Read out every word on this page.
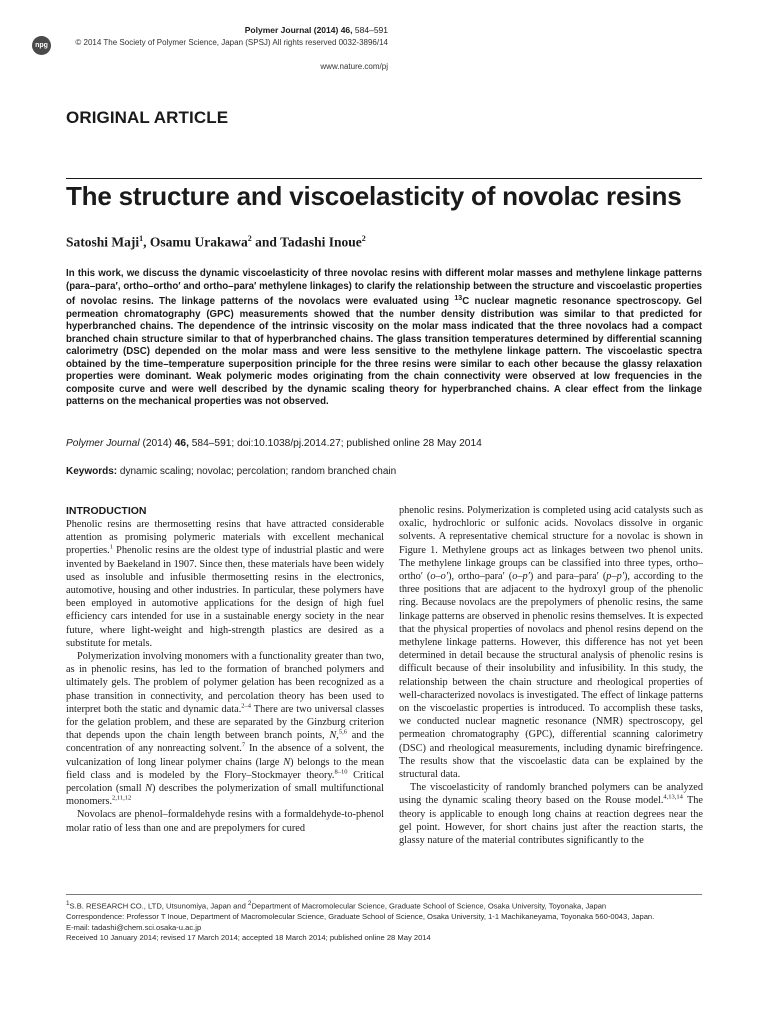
npg
Polymer Journal (2014) 46, 584–591
© 2014 The Society of Polymer Science, Japan (SPSJ) All rights reserved 0032-3896/14
www.nature.com/pj
ORIGINAL ARTICLE
The structure and viscoelasticity of novolac resins
Satoshi Maji$^1$, Osamu Urakawa$^2$ and Tadashi Inoue$^2$
In this work, we discuss the dynamic viscoelasticity of three novolac resins with different molar masses and methylene linkage patterns (para–para′, ortho–ortho′ and ortho–para′ methylene linkages) to clarify the relationship between the structure and viscoelastic properties of novolac resins. The linkage patterns of the novolacs were evaluated using $^{13}$C nuclear magnetic resonance spectroscopy. Gel permeation chromatography (GPC) measurements showed that the number density distribution was similar to that predicted for hyperbranched chains. The dependence of the intrinsic viscosity on the molar mass indicated that the three novolacs had a compact branched chain structure similar to that of hyperbranched chains. The glass transition temperatures determined by differential scanning calorimetry (DSC) depended on the molar mass and were less sensitive to the methylene linkage pattern. The viscoelastic spectra obtained by the time–temperature superposition principle for the three resins were similar to each other because the glassy relaxation properties were dominant. Weak polymeric modes originating from the chain connectivity were observed at low frequencies in the composite curve and were well described by the dynamic scaling theory for hyperbranched chains. A clear effect from the linkage patterns on the mechanical properties was not observed.
Polymer Journal (2014) 46, 584–591; doi:10.1038/pj.2014.27; published online 28 May 2014
Keywords: dynamic scaling; novolac; percolation; random branched chain
INTRODUCTION

Phenolic resins are thermosetting resins that have attracted considerable attention as promising polymeric materials with excellent mechanical properties.$^1$ Phenolic resins are the oldest type of industrial plastic and were invented by Baekeland in 1907. Since then, these materials have been widely used as insoluble and infusible thermosetting resins in the electronics, automotive, housing and other industries. In particular, these polymers have been employed in automotive applications for the design of high fuel efficiency cars intended for use in a sustainable energy society in the near future, where light-weight and high-strength plastics are desired as a substitute for metals.

Polymerization involving monomers with a functionality greater than two, as in phenolic resins, has led to the formation of branched polymers and ultimately gels. The problem of polymer gelation has been recognized as a phase transition in connectivity, and percolation theory has been used to interpret both the static and dynamic data.$^{2-4}$ There are two universal classes for the gelation problem, and these are separated by the Ginzburg criterion that depends upon the chain length between branch points, N,$^{5,6}$ and the concentration of any nonreacting solvent.$^7$ In the absence of a solvent, the vulcanization of long linear polymer chains (large N) belongs to the mean field class and is modeled by the Flory–Stockmayer theory.$^{8-10}$ Critical percolation (small N) describes the polymerization of small multifunctional monomers.$^{2,11,12}$

Novolacs are phenol–formaldehyde resins with a formaldehyde-to-phenol molar ratio of less than one and are prepolymers for cured

phenolic resins. Polymerization is completed using acid catalysts such as oxalic, hydrochloric or sulfonic acids. Novolacs dissolve in organic solvents. A representative chemical structure for a novolac is shown in Figure 1. Methylene groups act as linkages between two phenol units. The methylene linkage groups can be classified into three types, ortho–ortho′ (o–o′), ortho–para′ (o–p′) and para–para′ (p–p′), according to the three positions that are adjacent to the hydroxyl group of the phenolic ring. Because novolacs are the prepolymers of phenolic resins, the same linkage patterns are observed in phenolic resins themselves. It is expected that the physical properties of novolacs and phenol resins depend on the methylene linkage patterns. However, this difference has not yet been determined in detail because the structural analysis of phenolic resins is difficult because of their insolubility and infusibility. In this study, the relationship between the chain structure and rheological properties of well-characterized novolacs is investigated. The effect of linkage patterns on the viscoelastic properties is introduced. To accomplish these tasks, we conducted nuclear magnetic resonance (NMR) spectroscopy, gel permeation chromatography (GPC), differential scanning calorimetry (DSC) and rheological measurements, including dynamic birefringence. The results show that the viscoelastic data can be explained by the structural data.

The viscoelasticity of randomly branched polymers can be analyzed using the dynamic scaling theory based on the Rouse model.$^{4,13,14}$ The theory is applicable to enough long chains at reaction degrees near the gel point. However, for short chains just after the reaction starts, the glassy nature of the material contributes significantly to the

$^1$S.B. RESEARCH CO., LTD, Utsunomiya, Japan and $^2$Department of Macromolecular Science, Graduate School of Science, Osaka University, Toyonaka, Japan
Correspondence: Professor T Inoue, Department of Macromolecular Science, Graduate School of Science, Osaka University, 1-1 Machikaneyama, Toyonaka 560-0043, Japan.
E-mail: tadashi@chem.sci.osaka-u.ac.jp
Received 10 January 2014; revised 17 March 2014; accepted 18 March 2014; published online 28 May 2014
